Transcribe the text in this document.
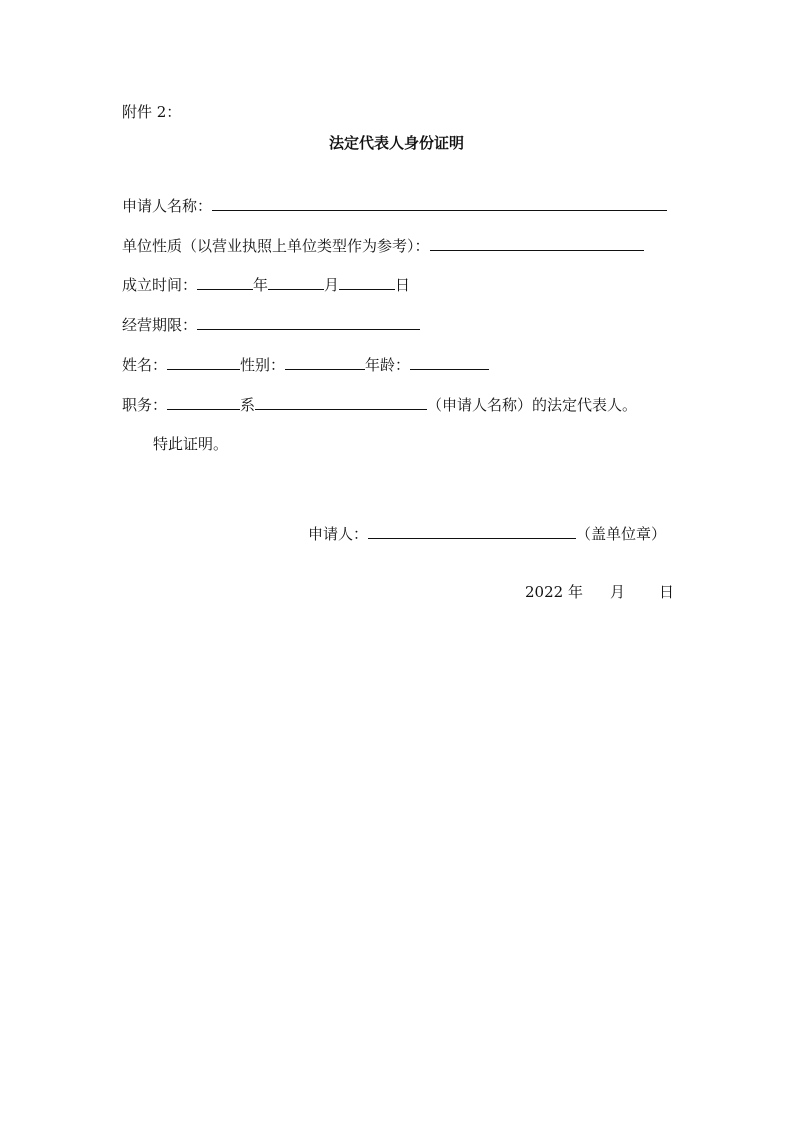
附件 2：
法定代表人身份证明
申请人名称：
单位性质（以营业执照上单位类型作为参考）：
成立时间：	年	月	日
经营期限：
姓名：	性别：	年龄：
职务：	系	（申请人名称）的法定代表人。
特此证明。
申请人：	（盖单位章）
2022 年 月 日
